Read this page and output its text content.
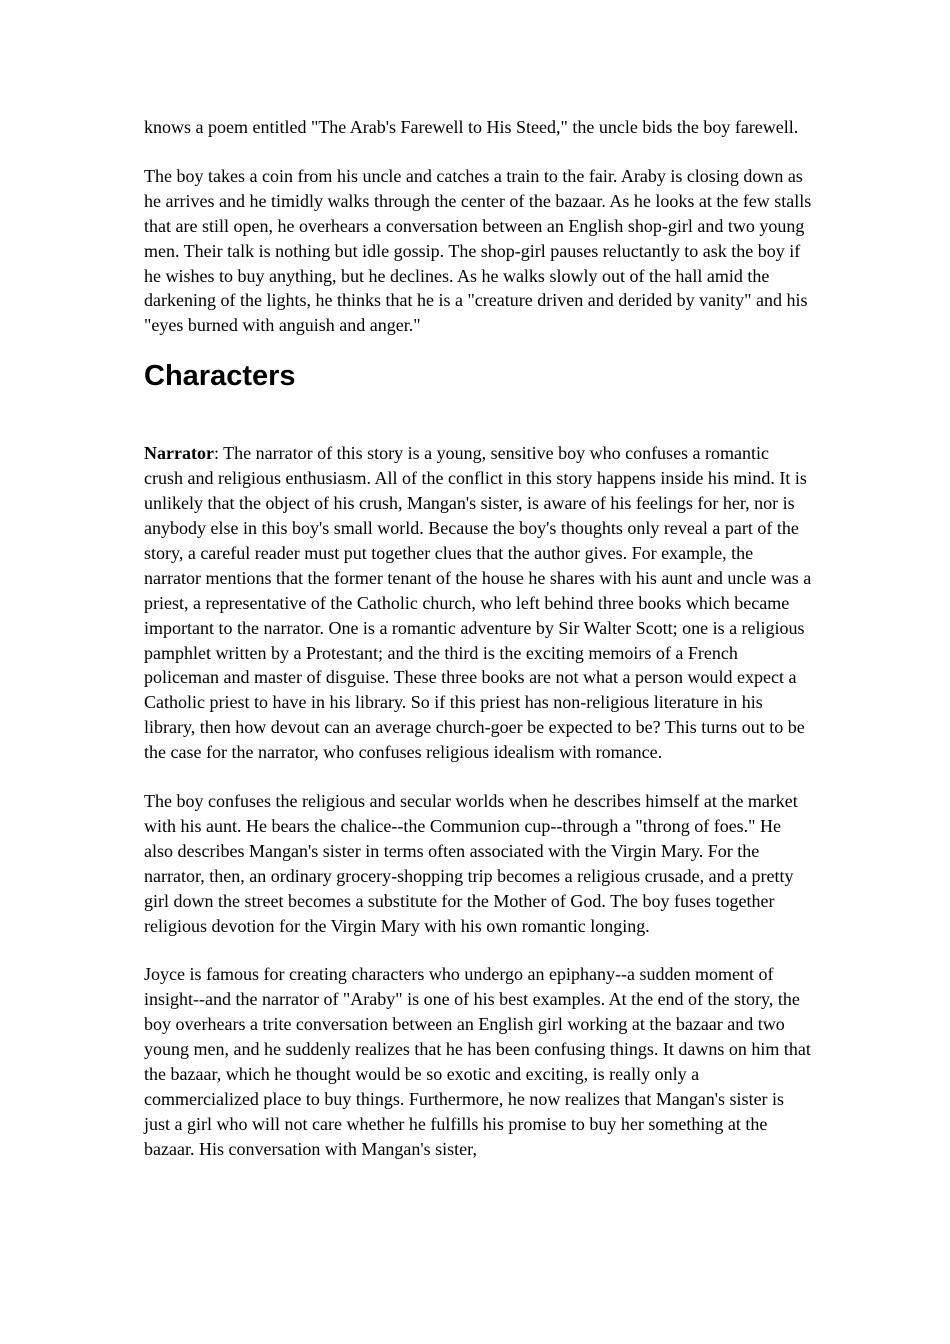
knows a poem entitled "The Arab's Farewell to His Steed," the uncle bids the boy farewell.

The boy takes a coin from his uncle and catches a train to the fair. Araby is closing down as he arrives and he timidly walks through the center of the bazaar. As he looks at the few stalls that are still open, he overhears a conversation between an English shop-girl and two young men. Their talk is nothing but idle gossip. The shop-girl pauses reluctantly to ask the boy if he wishes to buy anything, but he declines. As he walks slowly out of the hall amid the darkening of the lights, he thinks that he is a "creature driven and derided by vanity" and his "eyes burned with anguish and anger."

Characters

Narrator: The narrator of this story is a young, sensitive boy who confuses a romantic crush and religious enthusiasm. All of the conflict in this story happens inside his mind. It is unlikely that the object of his crush, Mangan's sister, is aware of his feelings for her, nor is anybody else in this boy's small world. Because the boy's thoughts only reveal a part of the story, a careful reader must put together clues that the author gives. For example, the narrator mentions that the former tenant of the house he shares with his aunt and uncle was a priest, a representative of the Catholic church, who left behind three books which became important to the narrator. One is a romantic adventure by Sir Walter Scott; one is a religious pamphlet written by a Protestant; and the third is the exciting memoirs of a French policeman and master of disguise. These three books are not what a person would expect a Catholic priest to have in his library. So if this priest has non-religious literature in his library, then how devout can an average church-goer be expected to be? This turns out to be the case for the narrator, who confuses religious idealism with romance.

The boy confuses the religious and secular worlds when he describes himself at the market with his aunt. He bears the chalice--the Communion cup--through a "throng of foes." He also describes Mangan's sister in terms often associated with the Virgin Mary. For the narrator, then, an ordinary grocery-shopping trip becomes a religious crusade, and a pretty girl down the street becomes a substitute for the Mother of God. The boy fuses together religious devotion for the Virgin Mary with his own romantic longing.

Joyce is famous for creating characters who undergo an epiphany--a sudden moment of insight--and the narrator of "Araby" is one of his best examples. At the end of the story, the boy overhears a trite conversation between an English girl working at the bazaar and two young men, and he suddenly realizes that he has been confusing things. It dawns on him that the bazaar, which he thought would be so exotic and exciting, is really only a commercialized place to buy things. Furthermore, he now realizes that Mangan's sister is just a girl who will not care whether he fulfills his promise to buy her something at the bazaar. His conversation with Mangan's sister,
